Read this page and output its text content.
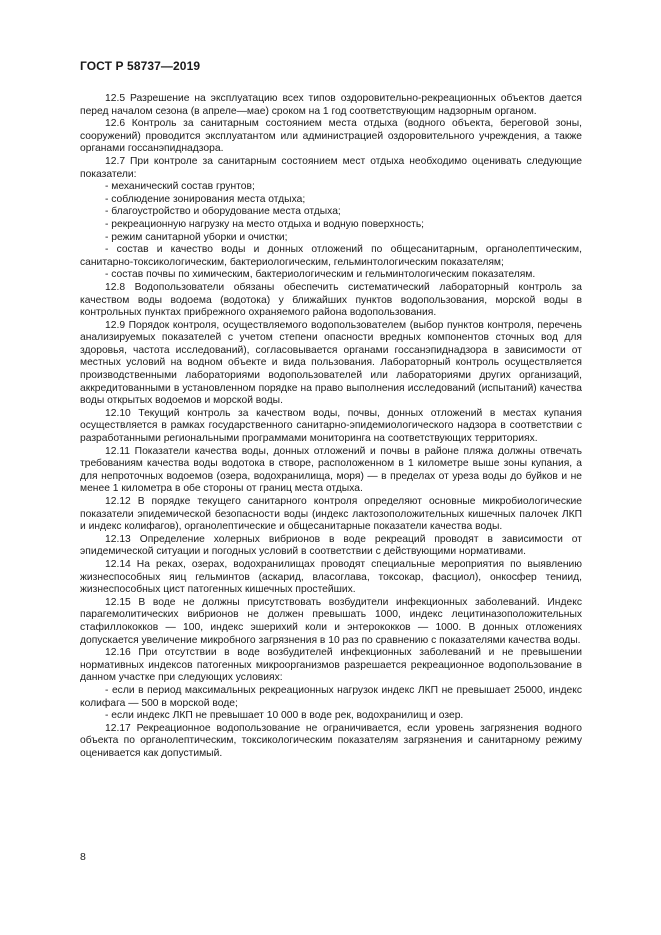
ГОСТ Р 58737—2019

12.5 Разрешение на эксплуатацию всех типов оздоровительно-рекреационных объектов дается перед началом сезона (в апреле—мае) сроком на 1 год соответствующим надзорным органом.

12.6 Контроль за санитарным состоянием места отдыха (водного объекта, береговой зоны, сооружений) проводится эксплуатантом или администрацией оздоровительного учреждения, а также органами госсанэпиднадзора.

12.7 При контроле за санитарным состоянием мест отдыха необходимо оценивать следующие показатели:

- механический состав грунтов;

- соблюдение зонирования места отдыха;

- благоустройство и оборудование места отдыха;

- рекреационную нагрузку на место отдыха и водную поверхность;

- режим санитарной уборки и очистки;

- состав и качество воды и донных отложений по общесанитарным, органолептическим, санитарно-токсикологическим, бактериологическим, гельминтологическим показателям;

- состав почвы по химическим, бактериологическим и гельминтологическим показателям.

12.8 Водопользователи обязаны обеспечить систематический лабораторный контроль за качеством воды водоема (водотока) у ближайших пунктов водопользования, морской воды в контрольных пунктах прибрежного охраняемого района водопользования.

12.9 Порядок контроля, осуществляемого водопользователем (выбор пунктов контроля, перечень анализируемых показателей с учетом степени опасности вредных компонентов сточных вод для здоровья, частота исследований), согласовывается органами госсанэпиднадзора в зависимости от местных условий на водном объекте и вида пользования. Лабораторный контроль осуществляется производственными лабораториями водопользователей или лабораториями других организаций, аккредитованными в установленном порядке на право выполнения исследований (испытаний) качества воды открытых водоемов и морской воды.

12.10 Текущий контроль за качеством воды, почвы, донных отложений в местах купания осуществляется в рамках государственного санитарно-эпидемиологического надзора в соответствии с разработанными региональными программами мониторинга на соответствующих территориях.

12.11 Показатели качества воды, донных отложений и почвы в районе пляжа должны отвечать требованиям качества воды водотока в створе, расположенном в 1 километре выше зоны купания, а для непроточных водоемов (озера, водохранилища, моря) — в пределах от уреза воды до буйков и не менее 1 километра в обе стороны от границ места отдыха.

12.12 В порядке текущего санитарного контроля определяют основные микробиологические показатели эпидемической безопасности воды (индекс лактозоположительных кишечных палочек ЛКП и индекс колифагов), органолептические и общесанитарные показатели качества воды.

12.13 Определение холерных вибрионов в воде рекреаций проводят в зависимости от эпидемической ситуации и погодных условий в соответствии с действующими нормативами.

12.14 На реках, озерах, водохранилищах проводят специальные мероприятия по выявлению жизнеспособных яиц гельминтов (аскарид, власоглава, токсокар, фасциол), онкосфер тениид, жизнеспособных цист патогенных кишечных простейших.

12.15 В воде не должны присутствовать возбудители инфекционных заболеваний. Индекс парагемолитических вибрионов не должен превышать 1000, индекс лецитиназоположительных стафиллококков — 100, индекс эшерихий коли и энтерококков — 1000. В донных отложениях допускается увеличение микробного загрязнения в 10 раз по сравнению с показателями качества воды.

12.16 При отсутствии в воде возбудителей инфекционных заболеваний и не превышении нормативных индексов патогенных микроорганизмов разрешается рекреационное водопользование в данном участке при следующих условиях:

- если в период максимальных рекреационных нагрузок индекс ЛКП не превышает 25000, индекс колифага — 500 в морской воде;

- если индекс ЛКП не превышает 10 000 в воде рек, водохранилищ и озер.

12.17 Рекреационное водопользование не ограничивается, если уровень загрязнения водного объекта по органолептическим, токсикологическим показателям загрязнения и санитарному режиму оценивается как допустимый.

8
